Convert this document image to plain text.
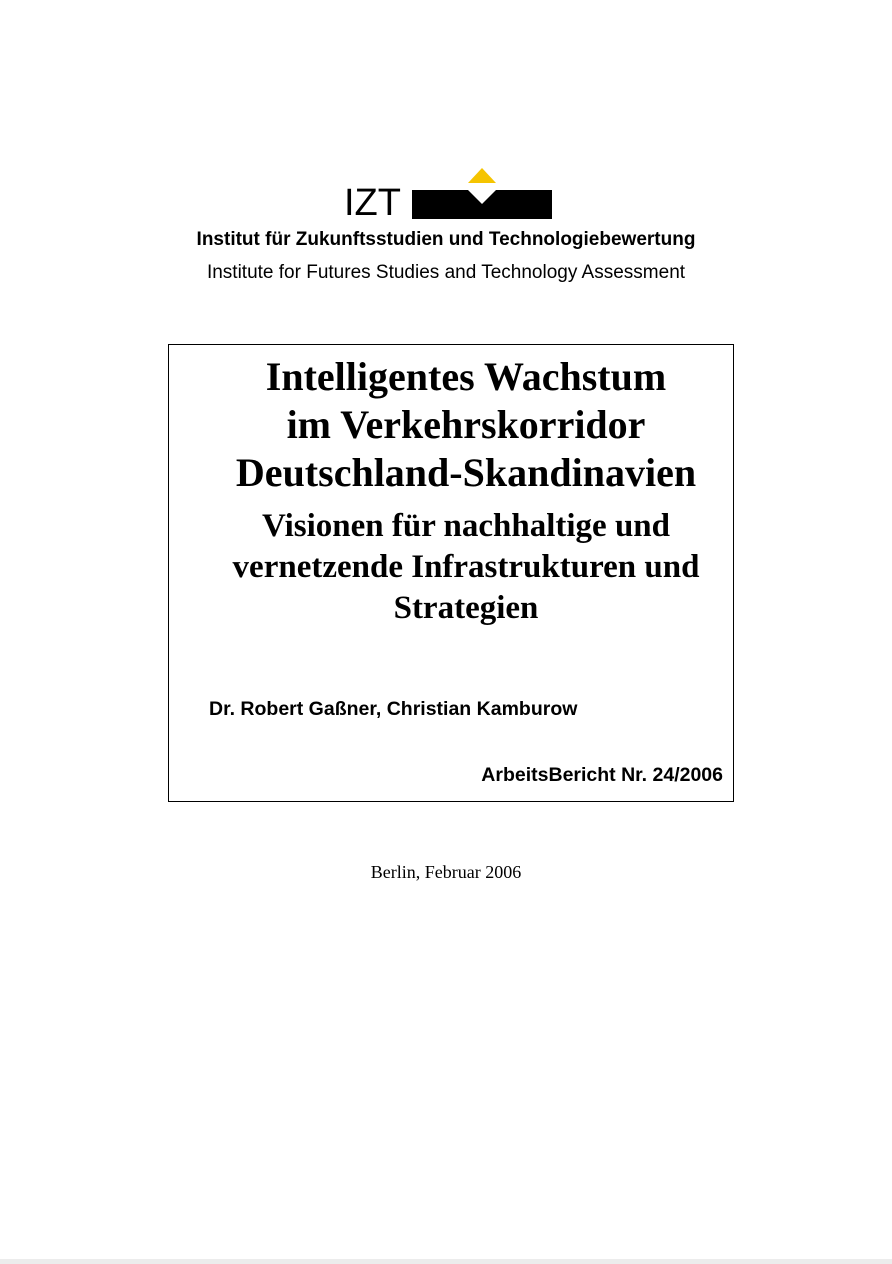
IZT
Institut für Zukunftsstudien und Technologiebewertung
Institute for Futures Studies and Technology Assessment
Intelligentes Wachstum
im Verkehrskorridor
Deutschland-Skandinavien
Visionen für nachhaltige und
vernetzende Infrastrukturen und
Strategien
Dr. Robert Gaßner, Christian Kamburow
ArbeitsBericht Nr. 24/2006
Berlin, Februar 2006
